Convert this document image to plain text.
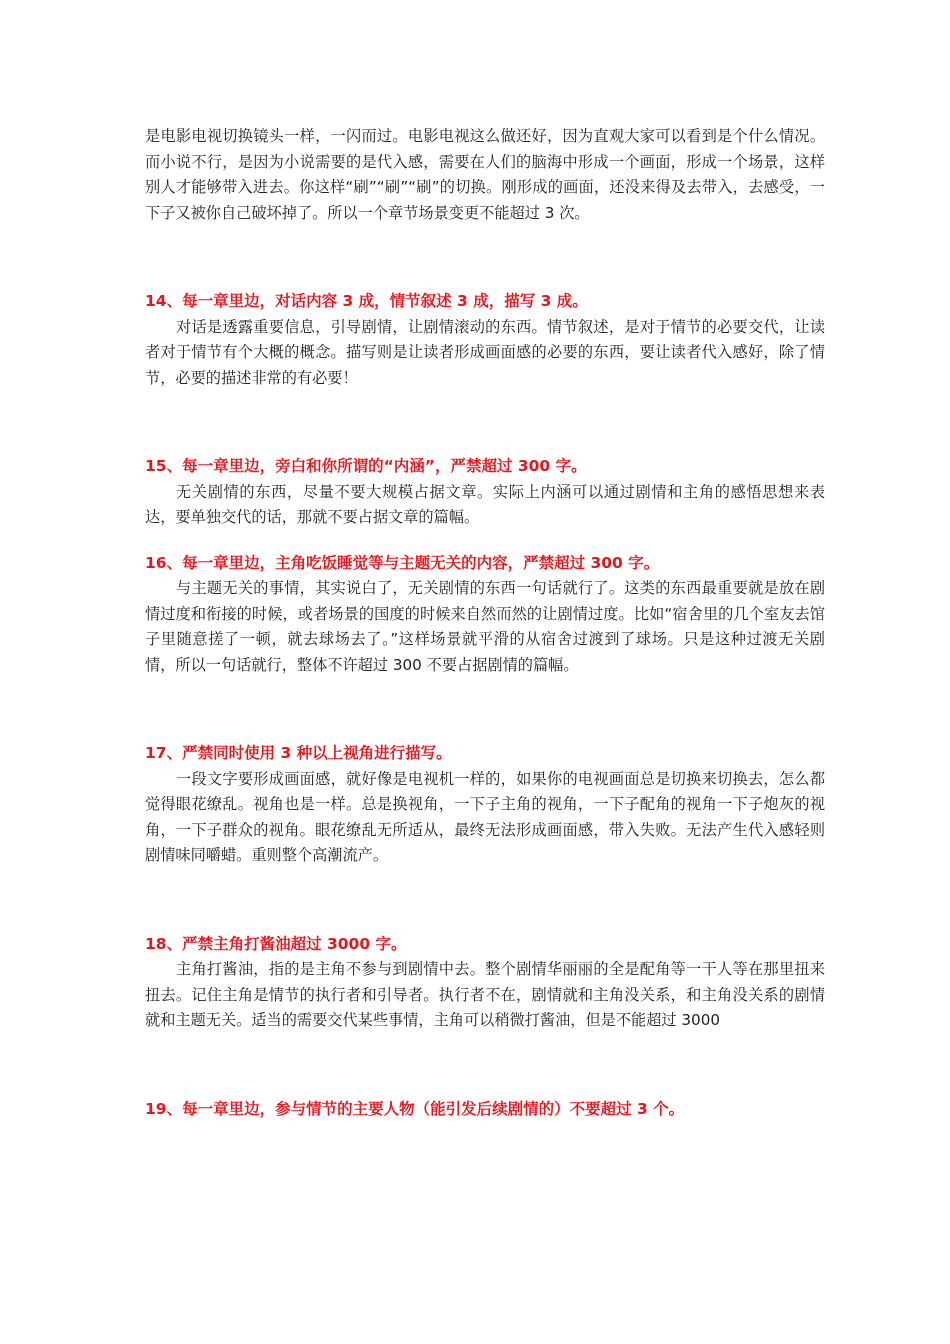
是电影电视切换镜头一样，一闪而过。电影电视这么做还好，因为直观大家可以看到是个什么情况。而小说不行，是因为小说需要的是代入感，需要在人们的脑海中形成一个画面，形成一个场景，这样别人才能够带入进去。你这样“刷”“刷”“刷”的切换。刚形成的画面，还没来得及去带入，去感受，一下子又被你自己破坏掉了。所以一个章节场景变更不能超过 3 次。

14、每一章里边，对话内容 3 成，情节叙述 3 成，描写 3 成。

对话是透露重要信息，引导剧情，让剧情滚动的东西。情节叙述，是对于情节的必要交代，让读者对于情节有个大概的概念。描写则是让读者形成画面感的必要的东西，要让读者代入感好，除了情节，必要的描述非常的有必要！

15、每一章里边，旁白和你所谓的“内涵”，严禁超过 300 字。

无关剧情的东西，尽量不要大规模占据文章。实际上内涵可以通过剧情和主角的感悟思想来表达，要单独交代的话，那就不要占据文章的篇幅。

16、每一章里边，主角吃饭睡觉等与主题无关的内容，严禁超过 300 字。

与主题无关的事情，其实说白了，无关剧情的东西一句话就行了。这类的东西最重要就是放在剧情过度和衔接的时候，或者场景的国度的时候来自然而然的让剧情过度。比如“宿舍里的几个室友去馆子里随意搓了一顿，就去球场去了。”这样场景就平滑的从宿舍过渡到了球场。只是这种过渡无关剧情，所以一句话就行，整体不许超过 300 不要占据剧情的篇幅。

17、严禁同时使用 3 种以上视角进行描写。

一段文字要形成画面感，就好像是电视机一样的，如果你的电视画面总是切换来切换去，怎么都觉得眼花缭乱。视角也是一样。总是换视角，一下子主角的视角，一下子配角的视角一下子炮灰的视角，一下子群众的视角。眼花缭乱无所适从，最终无法形成画面感，带入失败。无法产生代入感轻则剧情味同嚼蜡。重则整个高潮流产。

18、严禁主角打酱油超过 3000 字。

主角打酱油，指的是主角不参与到剧情中去。整个剧情华丽丽的全是配角等一干人等在那里扭来扭去。记住主角是情节的执行者和引导者。执行者不在，剧情就和主角没关系，和主角没关系的剧情就和主题无关。适当的需要交代某些事情，主角可以稍微打酱油，但是不能超过 3000

19、每一章里边，参与情节的主要人物（能引发后续剧情的）不要超过 3 个。
